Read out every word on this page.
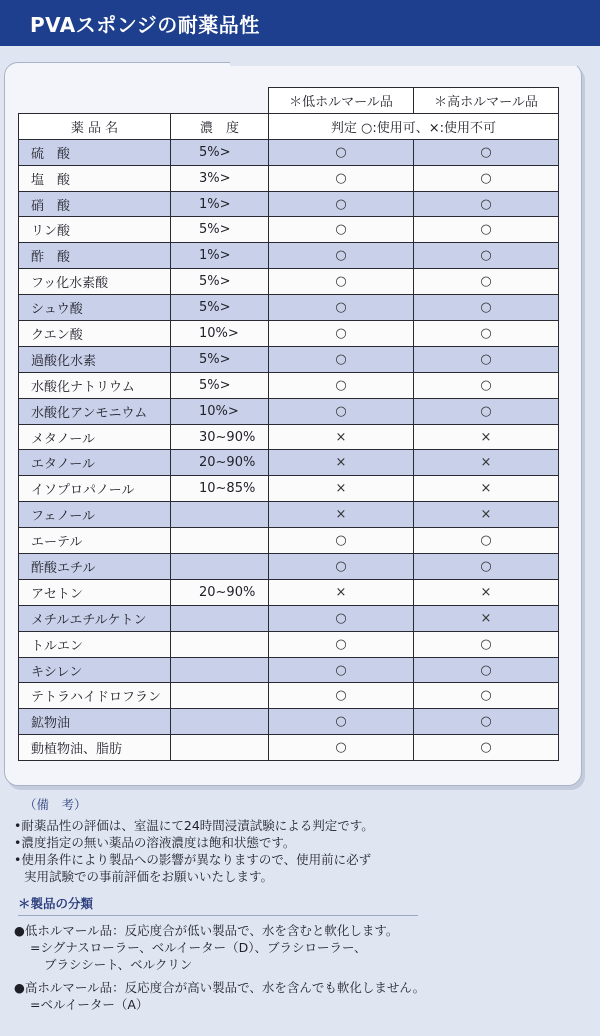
PVAスポンジの耐薬品性
		＊低ホルマール品	＊高ホルマール品
薬 品 名	濃　度	判定 ○:使用可、×:使用不可	
硫　酸	5%>	○	○
塩　酸	3%>	○	○
硝　酸	1%>	○	○
リン酸	5%>	○	○
酢　酸	1%>	○	○
フッ化水素酸	5%>	○	○
シュウ酸	5%>	○	○
クエン酸	10%>	○	○
過酸化水素	5%>	○	○
水酸化ナトリウム	5%>	○	○
水酸化アンモニウム	10%>	○	○
メタノール	30~90%	×	×
エタノール	20~90%	×	×
イソプロパノール	10~85%	×	×
フェノール		×	×
エーテル		○	○
酢酸エチル		○	○
アセトン	20~90%	×	×
メチルエチルケトン		○	×
トルエン		○	○
キシレン		○	○
テトラハイドロフラン		○	○
鉱物油		○	○
動植物油、脂肪		○	○
（備　考）
•耐薬品性の評価は、室温にて24時間浸漬試験による判定です。
•濃度指定の無い薬品の溶液濃度は飽和状態です。
•使用条件により製品への影響が異なりますので、使用前に必ず
実用試験での事前評価をお願いいたします。
＊製品の分類
●低ホルマール品：反応度合が低い製品で、水を含むと軟化します。
=シグナスローラー、ベルイーター（D）、ブラシローラー、
ブラシシート、ベルクリン
●高ホルマール品：反応度合が高い製品で、水を含んでも軟化しません。
=ベルイーター（A）
